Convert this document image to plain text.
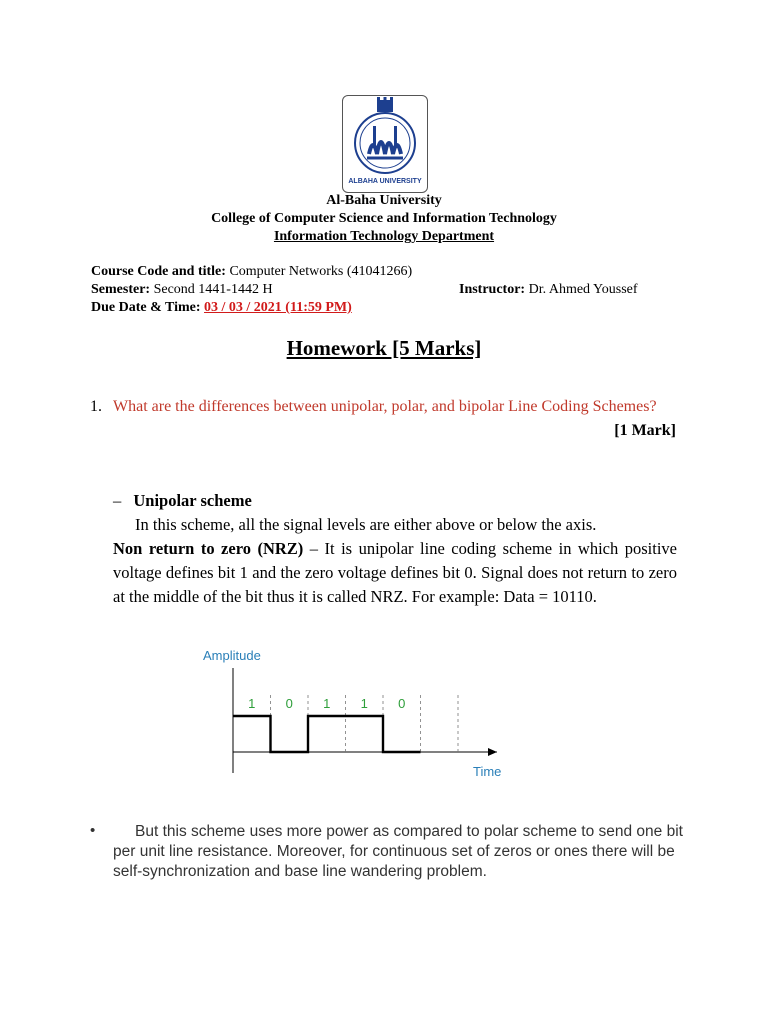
ALBAHA UNIVERSITY
Al-Baha University
College of Computer Science and Information Technology
Information Technology Department
Course Code and title: Computer Networks (41041266)
Semester: Second 1441-1442 H	Instructor: Dr. Ahmed Youssef
Due Date & Time: 03 / 03 / 2021 (11:59 PM)
Homework [5 Marks]
1. What are the differences between unipolar, polar, and bipolar Line Coding Schemes?
[1 Mark]
– Unipolar scheme
In this scheme, all the signal levels are either above or below the axis.
Non return to zero (NRZ) – It is unipolar line coding scheme in which positive voltage defines bit 1 and the zero voltage defines bit 0. Signal does not return to zero at the middle of the bit thus it is called NRZ. For example: Data = 10110.
Amplitude
Time
1 0 1 1 0
•	But this scheme uses more power as compared to polar scheme to send one bit per unit line resistance. Moreover, for continuous set of zeros or ones there will be self-synchronization and base line wandering problem.
